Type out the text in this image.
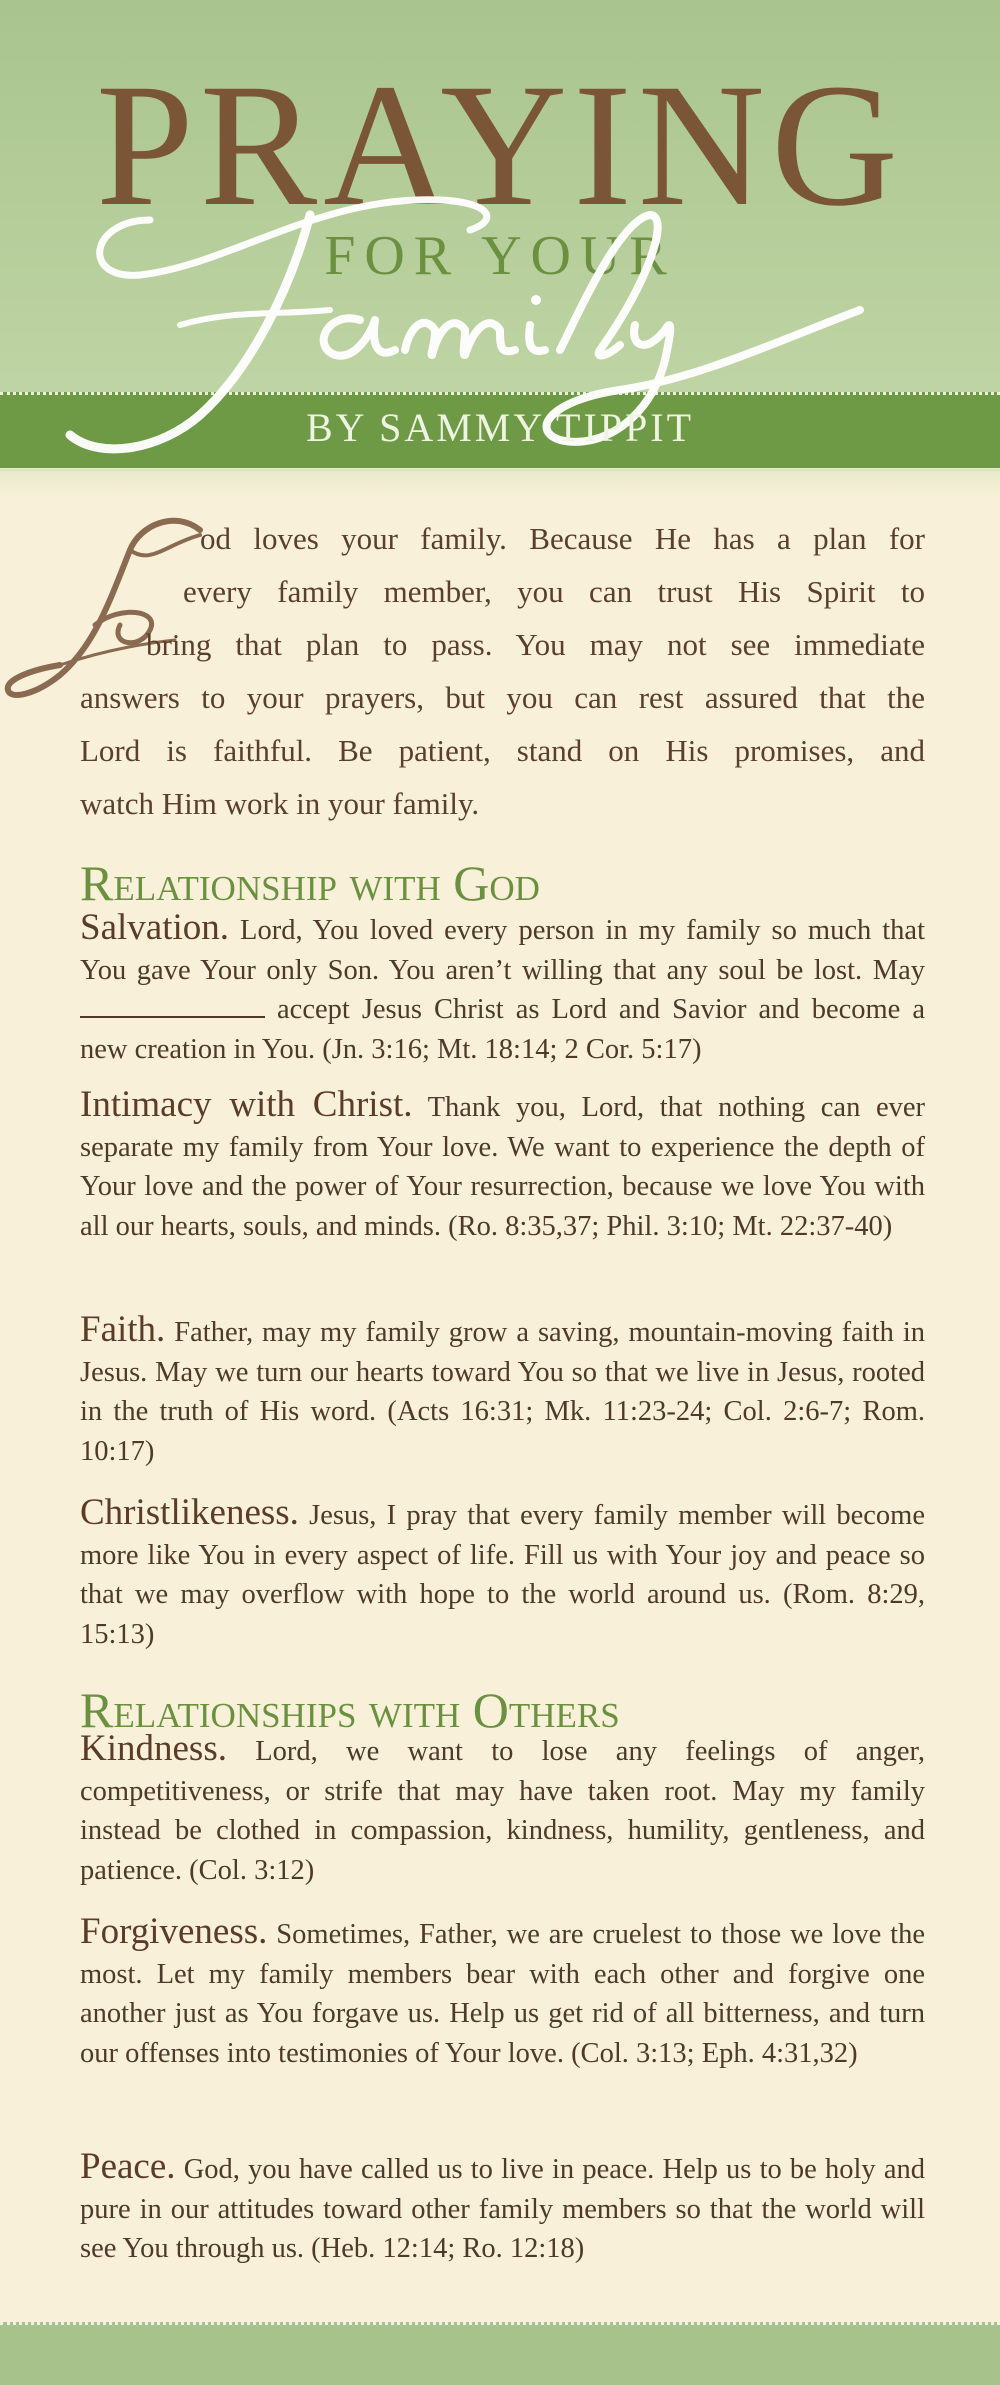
PRAYING
FOR YOUR
BY SAMMY TIPPIT
od loves your family. Because He has a plan for
every family member, you can trust His Spirit to
bring that plan to pass. You may not see immediate
answers to your prayers, but you can rest assured that the
Lord is faithful. Be patient, stand on His promises, and
watch Him work in your family.
Relationship with God
Salvation. Lord, You loved every person in my family so much that You gave Your only Son. You aren’t willing that any soul be lost. May  accept Jesus Christ as Lord and Savior and become a new creation in You. (Jn. 3:16; Mt. 18:14; 2 Cor. 5:17)
Intimacy with Christ. Thank you, Lord, that nothing can ever separate my family from Your love. We want to experience the depth of Your love and the power of Your resurrection, because we love You with all our hearts, souls, and minds. (Ro. 8:35,37; Phil. 3:10; Mt. 22:37-40)
Faith. Father, may my family grow a saving, mountain-moving faith in Jesus. May we turn our hearts toward You so that we live in Jesus, rooted in the truth of His word. (Acts 16:31; Mk. 11:23-24; Col. 2:6-7; Rom. 10:17)
Christlikeness. Jesus, I pray that every family member will become more like You in every aspect of life. Fill us with Your joy and peace so that we may overflow with hope to the world around us. (Rom. 8:29, 15:13)
Relationships with Others
Kindness. Lord, we want to lose any feelings of anger, competitiveness, or strife that may have taken root. May my family instead be clothed in compassion, kindness, humility, gentleness, and patience. (Col. 3:12)
Forgiveness. Sometimes, Father, we are cruelest to those we love the most. Let my family members bear with each other and forgive one another just as You forgave us. Help us get rid of all bitterness, and turn our offenses into testimonies of Your love. (Col. 3:13; Eph. 4:31,32)
Peace. God, you have called us to live in peace. Help us to be holy and pure in our attitudes toward other family members so that the world will see You through us. (Heb. 12:14; Ro. 12:18)
